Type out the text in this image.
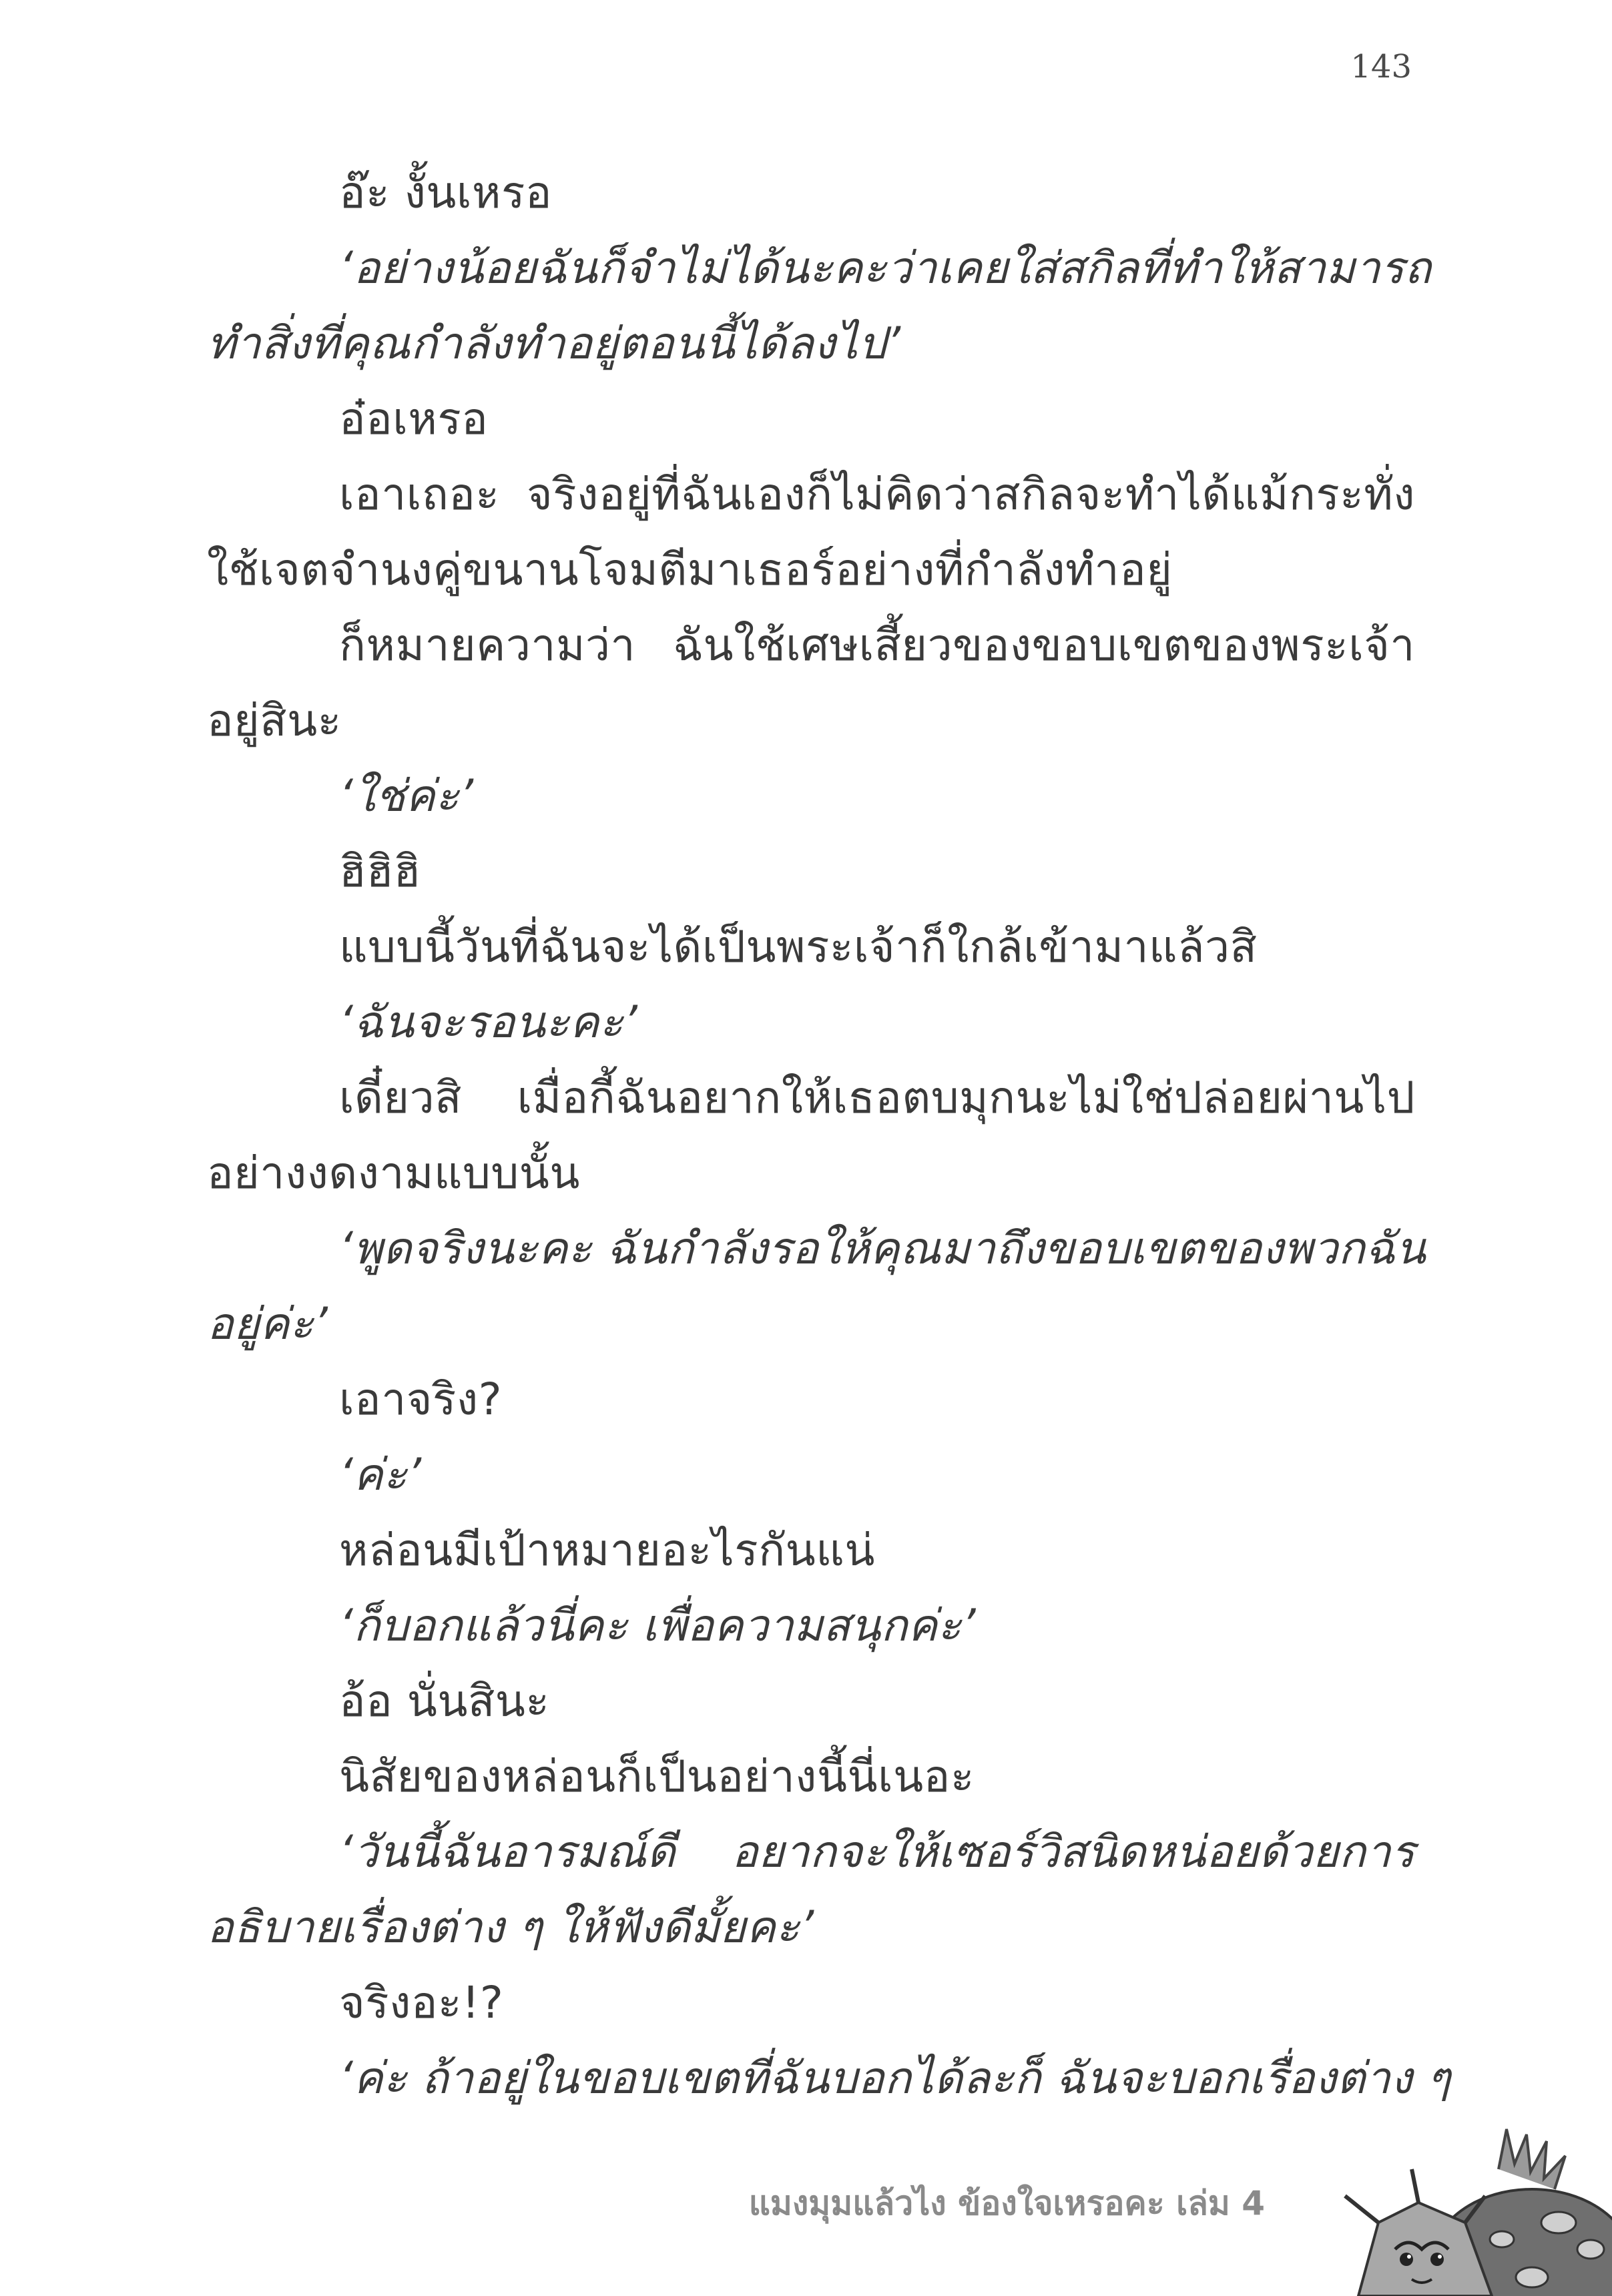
143
อ๊ะ งั้นเหรอ
‘อย่างน้อยฉันก็จำไม่ได้นะคะว่าเคยใส่สกิลที่ทำให้สามารถ
ทำสิ่งที่คุณกำลังทำอยู่ตอนนี้ได้ลงไป’
อ๋อเหรอ
เอาเถอะ จริงอยู่ที่ฉันเองก็ไม่คิดว่าสกิลจะทำได้แม้กระทั่ง
ใช้เจตจำนงคู่ขนานโจมตีมาเธอร์อย่างที่กำลังทำอยู่
ก็หมายความว่า ฉันใช้เศษเสี้ยวของขอบเขตของพระเจ้า
อยู่สินะ
‘ใช่ค่ะ’
ฮิฮิฮิ
แบบนี้วันที่ฉันจะได้เป็นพระเจ้าก็ใกล้เข้ามาแล้วสิ
‘ฉันจะรอนะคะ’
เดี๋ยวสิ เมื่อกี้ฉันอยากให้เธอตบมุกนะไม่ใช่ปล่อยผ่านไป
อย่างงดงามแบบนั้น
‘พูดจริงนะคะ ฉันกำลังรอให้คุณมาถึงขอบเขตของพวกฉัน
อยู่ค่ะ’
เอาจริง?
‘ค่ะ’
หล่อนมีเป้าหมายอะไรกันแน่
‘ก็บอกแล้วนี่คะ เพื่อความสนุกค่ะ’
อ้อ นั่นสินะ
นิสัยของหล่อนก็เป็นอย่างนี้นี่เนอะ
‘วันนี้ฉันอารมณ์ดี อยากจะให้เซอร์วิสนิดหน่อยด้วยการ
อธิบายเรื่องต่าง ๆ ให้ฟังดีมั้ยคะ’
จริงอะ!?
‘ค่ะ ถ้าอยู่ในขอบเขตที่ฉันบอกได้ละก็ ฉันจะบอกเรื่องต่าง ๆ
แมงมุมแล้วไง ข้องใจเหรอคะ เล่ม 4
